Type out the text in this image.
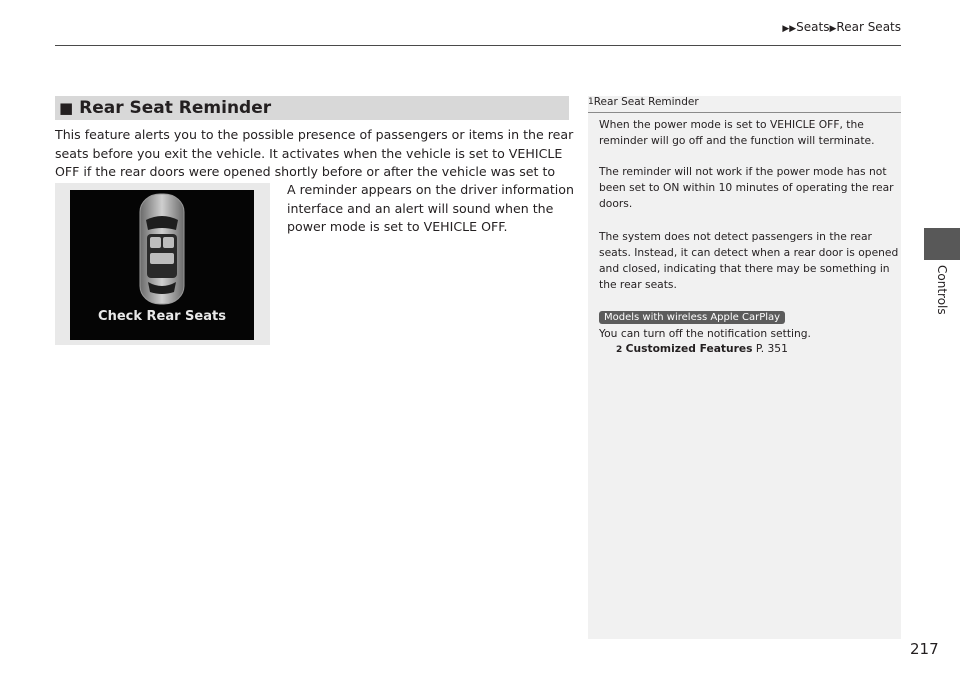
▶▶Seats▶Rear Seats
Controls
■ Rear Seat Reminder
This feature alerts you to the possible presence of passengers or items in the rear seats before you exit the vehicle. It activates when the vehicle is set to VEHICLE OFF if the rear doors were opened shortly before or after the vehicle was set to
A reminder appears on the driver information interface and an alert will sound when the power mode is set to VEHICLE OFF.
Check Rear Seats
1Rear Seat Reminder
When the power mode is set to VEHICLE OFF, the reminder will go off and the function will terminate.
The reminder will not work if the power mode has not been set to ON within 10 minutes of operating the rear doors.
The system does not detect passengers in the rear seats. Instead, it can detect when a rear door is opened and closed, indicating that there may be something in the rear seats.
Models with wireless Apple CarPlay
You can turn off the notification setting.
2 Customized Features P. 351
217
